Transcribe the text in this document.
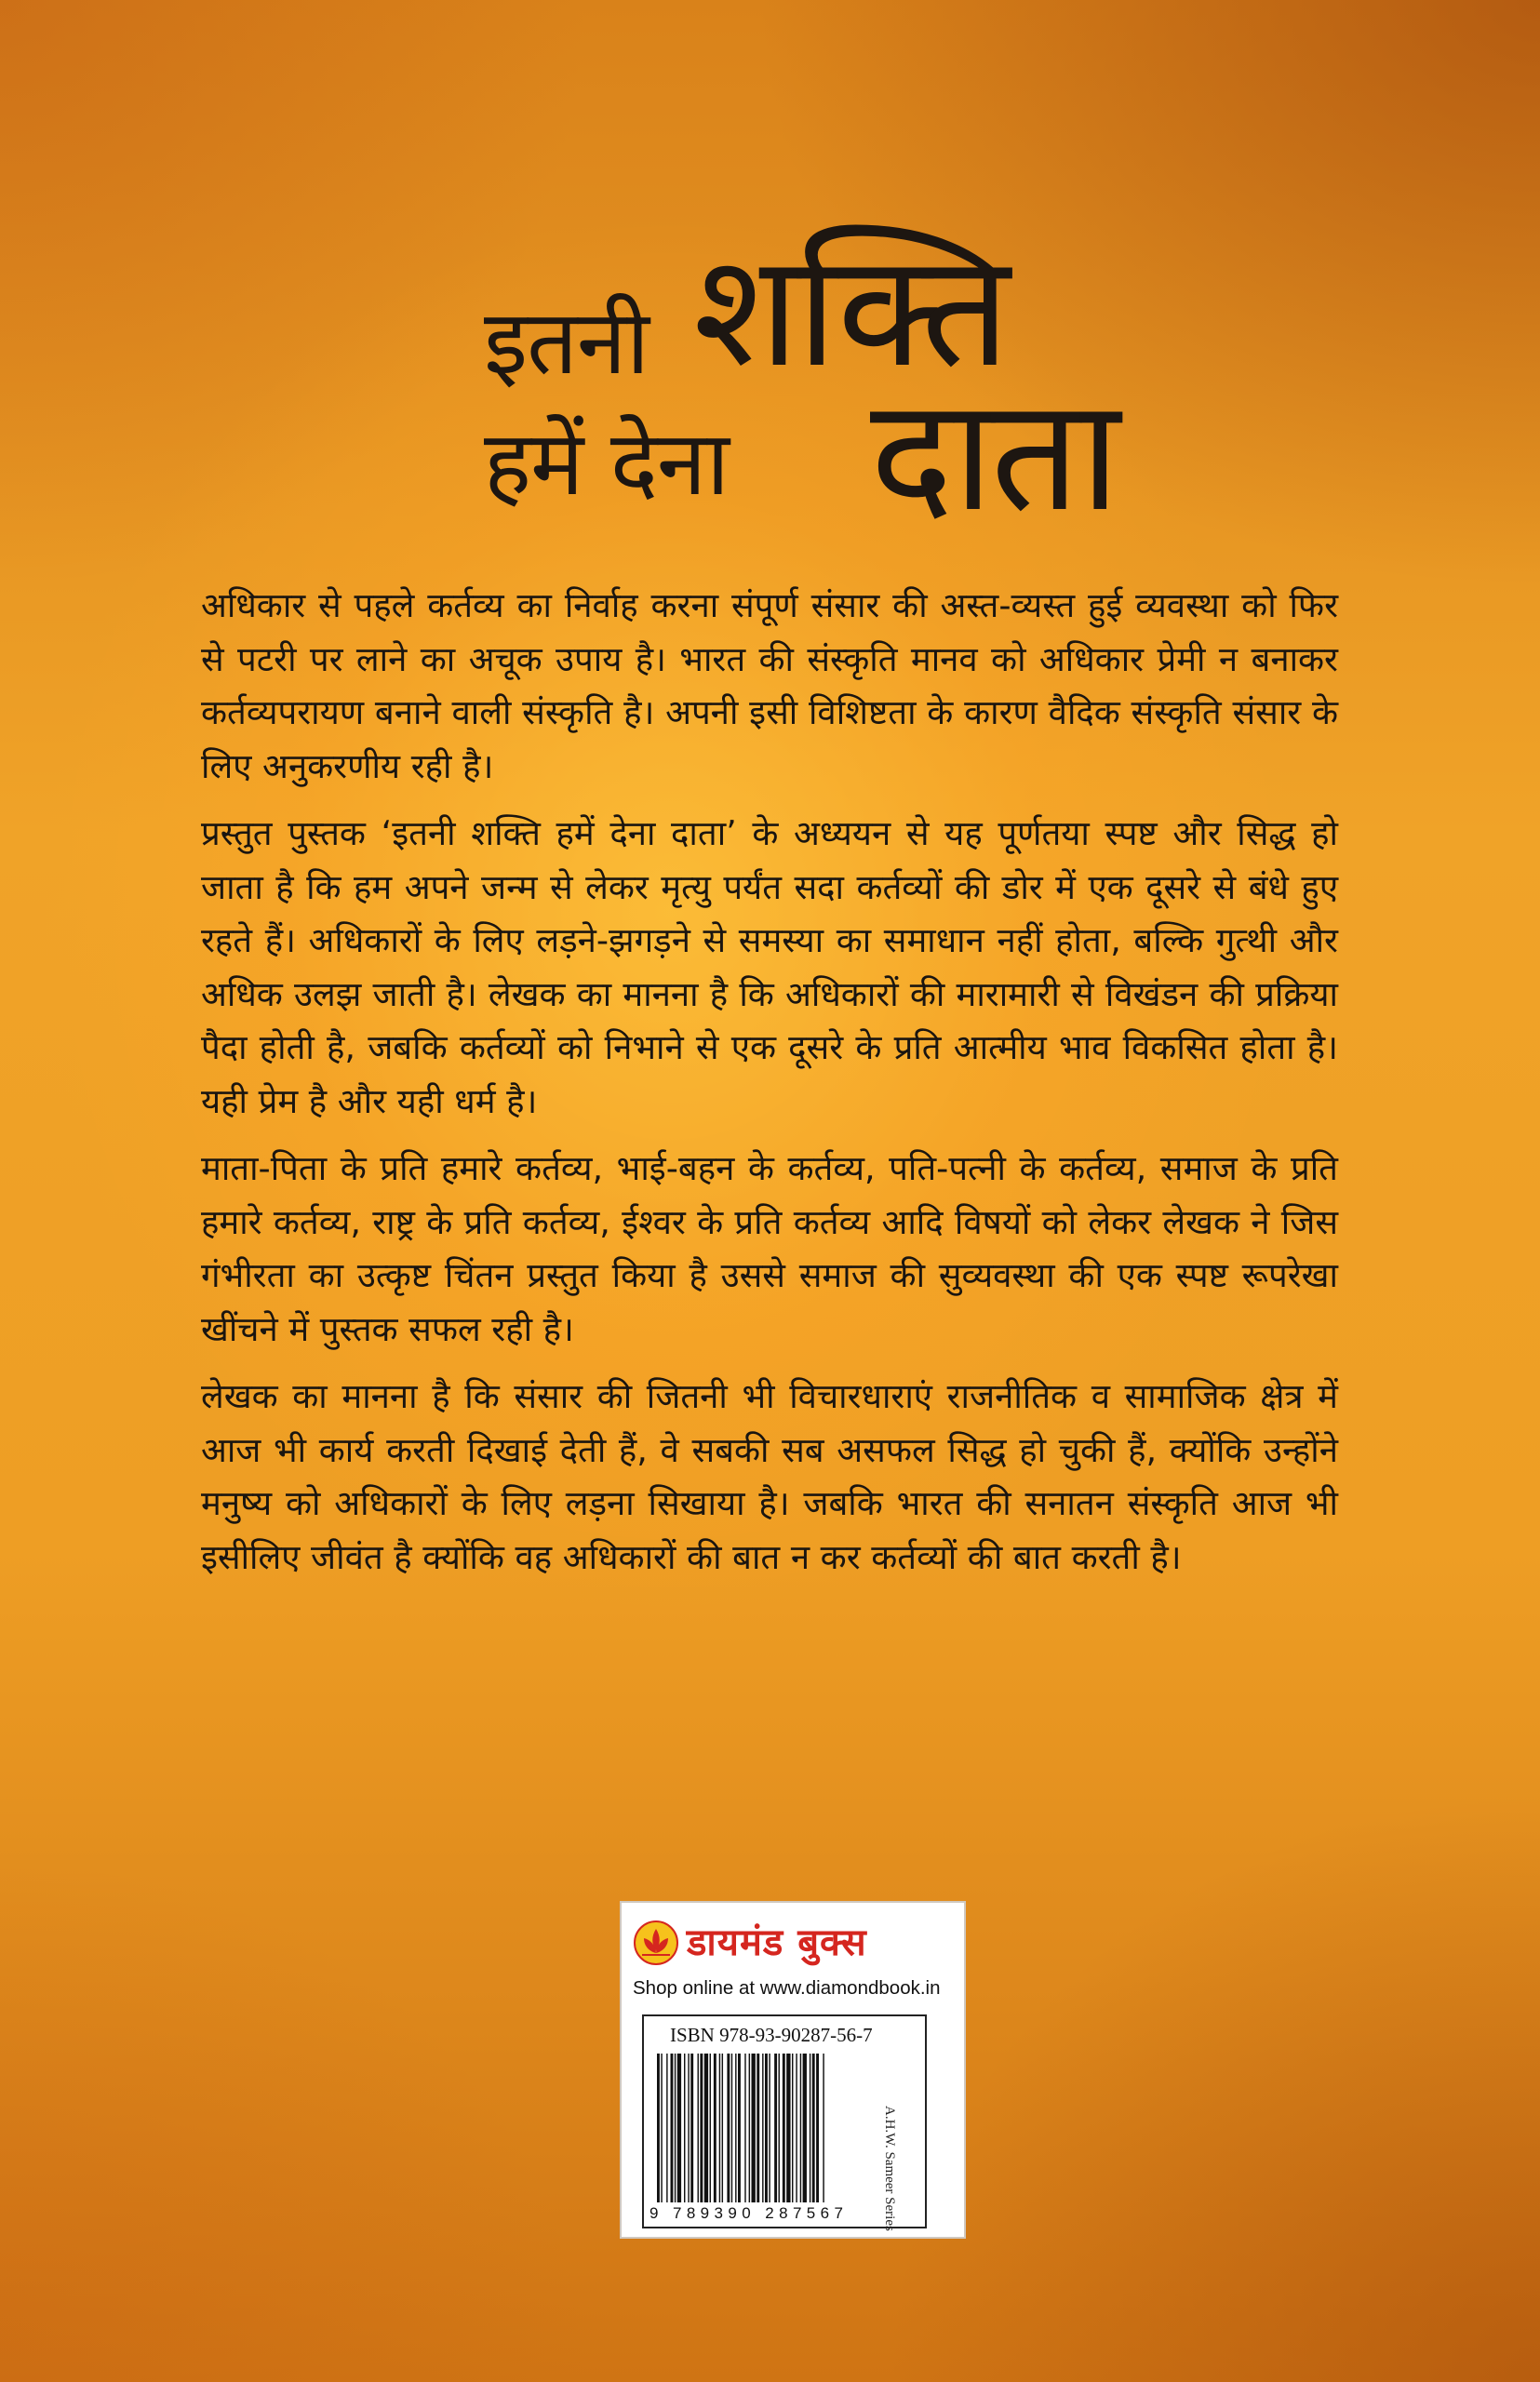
इतनी शक्ति
हमें देना दाता

अधिकार से पहले कर्तव्य का निर्वाह करना संपूर्ण संसार की अस्त-व्यस्त हुई व्यवस्था को फिर से पटरी पर लाने का अचूक उपाय है। भारत की संस्कृति मानव को अधिकार प्रेमी न बनाकर कर्तव्यपरायण बनाने वाली संस्कृति है। अपनी इसी विशिष्टता के कारण वैदिक संस्कृति संसार के लिए अनुकरणीय रही है।

प्रस्तुत पुस्तक ‘इतनी शक्ति हमें देना दाता’ के अध्ययन से यह पूर्णतया स्पष्ट और सिद्ध हो जाता है कि हम अपने जन्म से लेकर मृत्यु पर्यंत सदा कर्तव्यों की डोर में एक दूसरे से बंधे हुए रहते हैं। अधिकारों के लिए लड़ने-झगड़ने से समस्या का समाधान नहीं होता, बल्कि गुत्थी और अधिक उलझ जाती है। लेखक का मानना है कि अधिकारों की मारामारी से विखंडन की प्रक्रिया पैदा होती है, जबकि कर्तव्यों को निभाने से एक दूसरे के प्रति आत्मीय भाव विकसित होता है। यही प्रेम है और यही धर्म है।

माता-पिता के प्रति हमारे कर्तव्य, भाई-बहन के कर्तव्य, पति-पत्नी के कर्तव्य, समाज के प्रति हमारे कर्तव्य, राष्ट्र के प्रति कर्तव्य, ईश्वर के प्रति कर्तव्य आदि विषयों को लेकर लेखक ने जिस गंभीरता का उत्कृष्ट चिंतन प्रस्तुत किया है उससे समाज की सुव्यवस्था की एक स्पष्ट रूपरेखा खींचने में पुस्तक सफल रही है।

लेखक का मानना है कि संसार की जितनी भी विचारधाराएं राजनीतिक व सामाजिक क्षेत्र में आज भी कार्य करती दिखाई देती हैं, वे सबकी सब असफल सिद्ध हो चुकी हैं, क्योंकि उन्होंने मनुष्य को अधिकारों के लिए लड़ना सिखाया है। जबकि भारत की सनातन संस्कृति आज भी इसीलिए जीवंत है क्योंकि वह अधिकारों की बात न कर कर्तव्यों की बात करती है।

डायमंड बुक्स
Shop online at www.diamondbook.in
ISBN 978-93-90287-56-7
9 789390 287567	A.H.W. Sameer Series
